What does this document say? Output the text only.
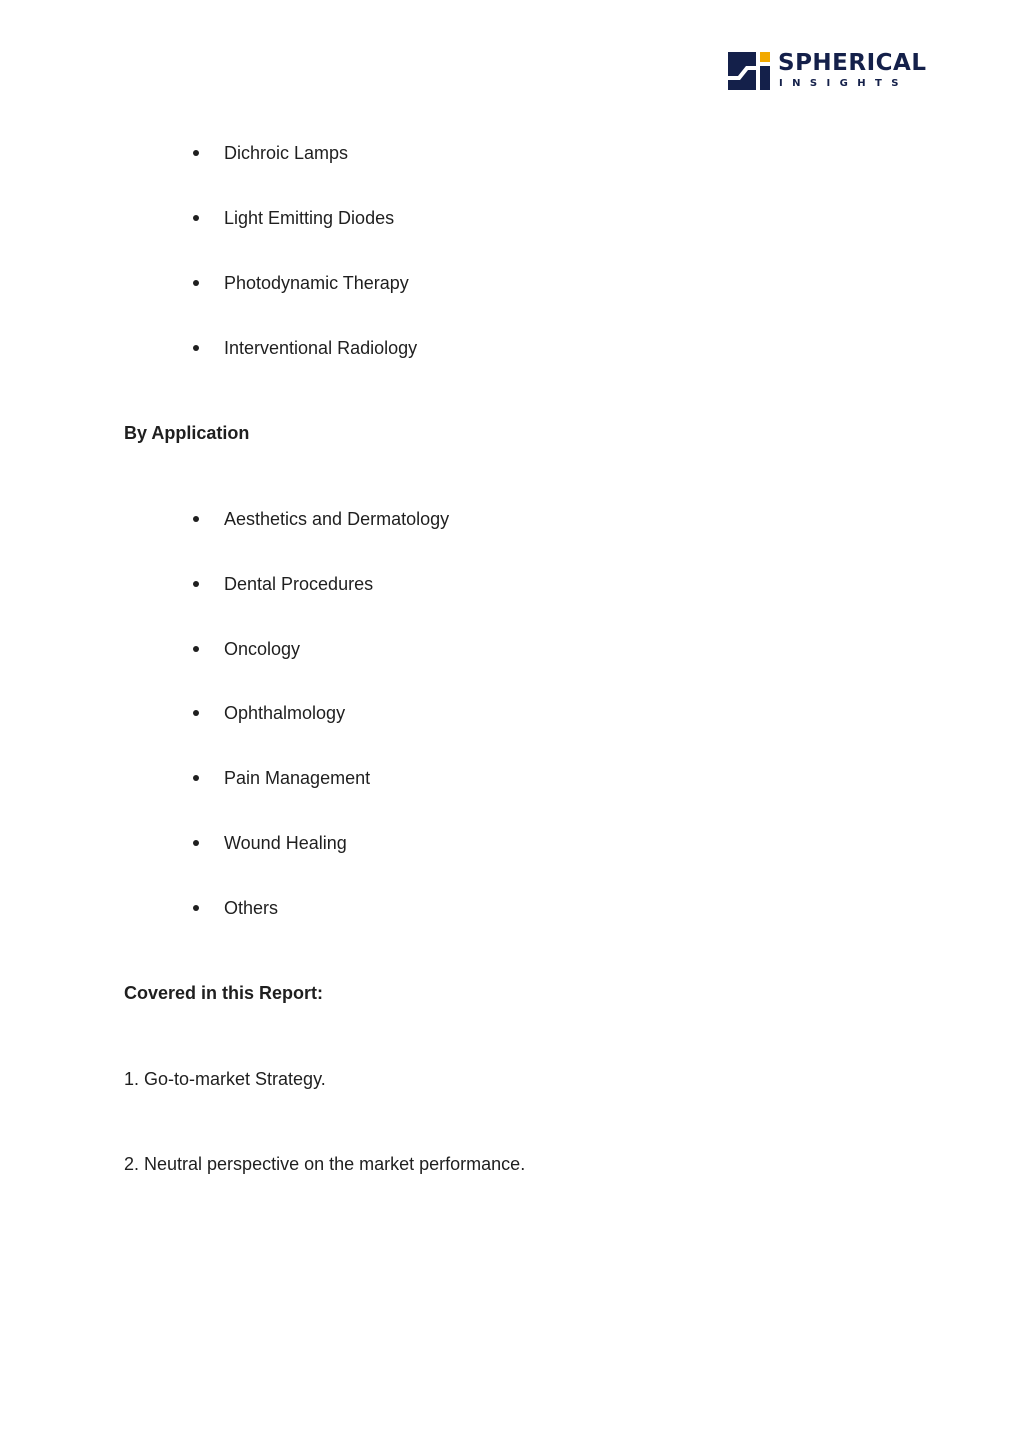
SPHERICAL
INSIGHTS
Dichroic Lamps
Light Emitting Diodes
Photodynamic Therapy
Interventional Radiology
By Application
Aesthetics and Dermatology
Dental Procedures
Oncology
Ophthalmology
Pain Management
Wound Healing
Others
Covered in this Report:
1. Go-to-market Strategy.
2. Neutral perspective on the market performance.
